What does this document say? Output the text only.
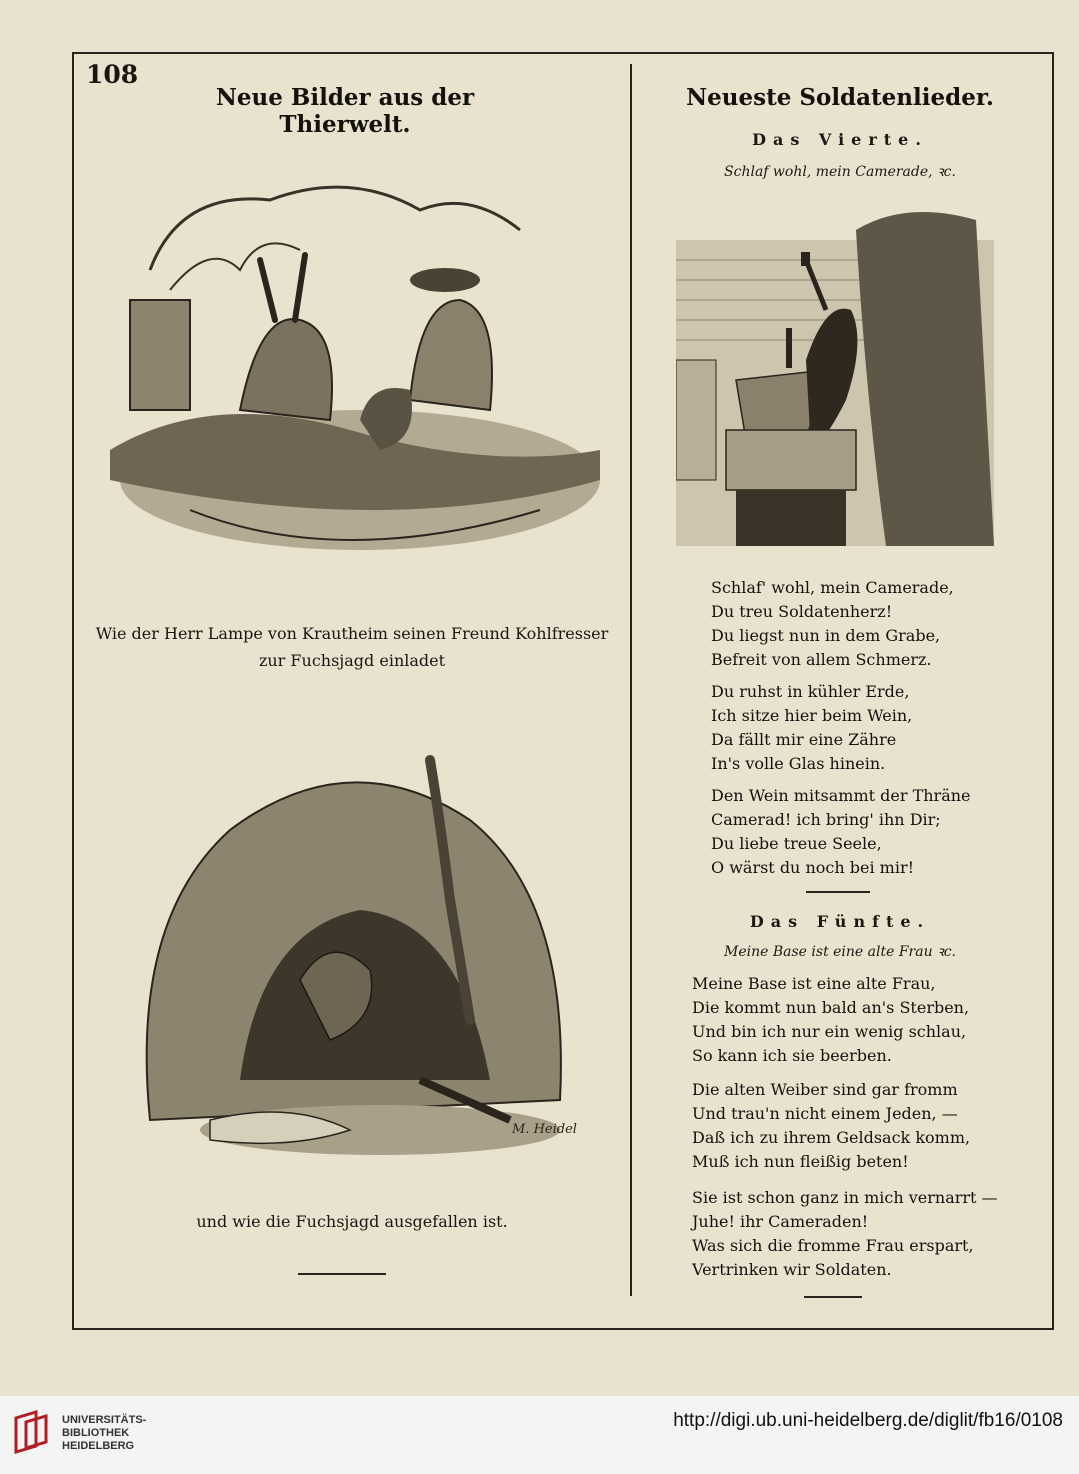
108
Neue Bilder aus der Thierwelt.
Neueste Soldatenlieder.
Wie der Herr Lampe von Krautheim seinen Freund Kohlfresser zur Fuchsjagd einladet
M. Heidel
und wie die Fuchsjagd ausgefallen ist.
Das Vierte.
Schlaf wohl, mein Camerade, ꝛc.
Schlaf' wohl, mein Camerade,
Du treu Soldatenherz!
Du liegst nun in dem Grabe,
Befreit von allem Schmerz.
Du ruhst in kühler Erde,
Ich sitze hier beim Wein,
Da fällt mir eine Zähre
In's volle Glas hinein.
Den Wein mitsammt der Thräne
Camerad! ich bring' ihn Dir;
Du liebe treue Seele,
O wärst du noch bei mir!
Das Fünfte.
Meine Base ist eine alte Frau ꝛc.
Meine Base ist eine alte Frau,
Die kommt nun bald an's Sterben,
Und bin ich nur ein wenig schlau,
So kann ich sie beerben.
Die alten Weiber sind gar fromm
Und trau'n nicht einem Jeden, —
Daß ich zu ihrem Geldsack komm,
Muß ich nun fleißig beten!
Sie ist schon ganz in mich vernarrt —
Juhe! ihr Cameraden!
Was sich die fromme Frau erspart,
Vertrinken wir Soldaten.
UNIVERSITÄTS-
BIBLIOTHEK
HEIDELBERG
http://digi.ub.uni-heidelberg.de/diglit/fb16/0108
